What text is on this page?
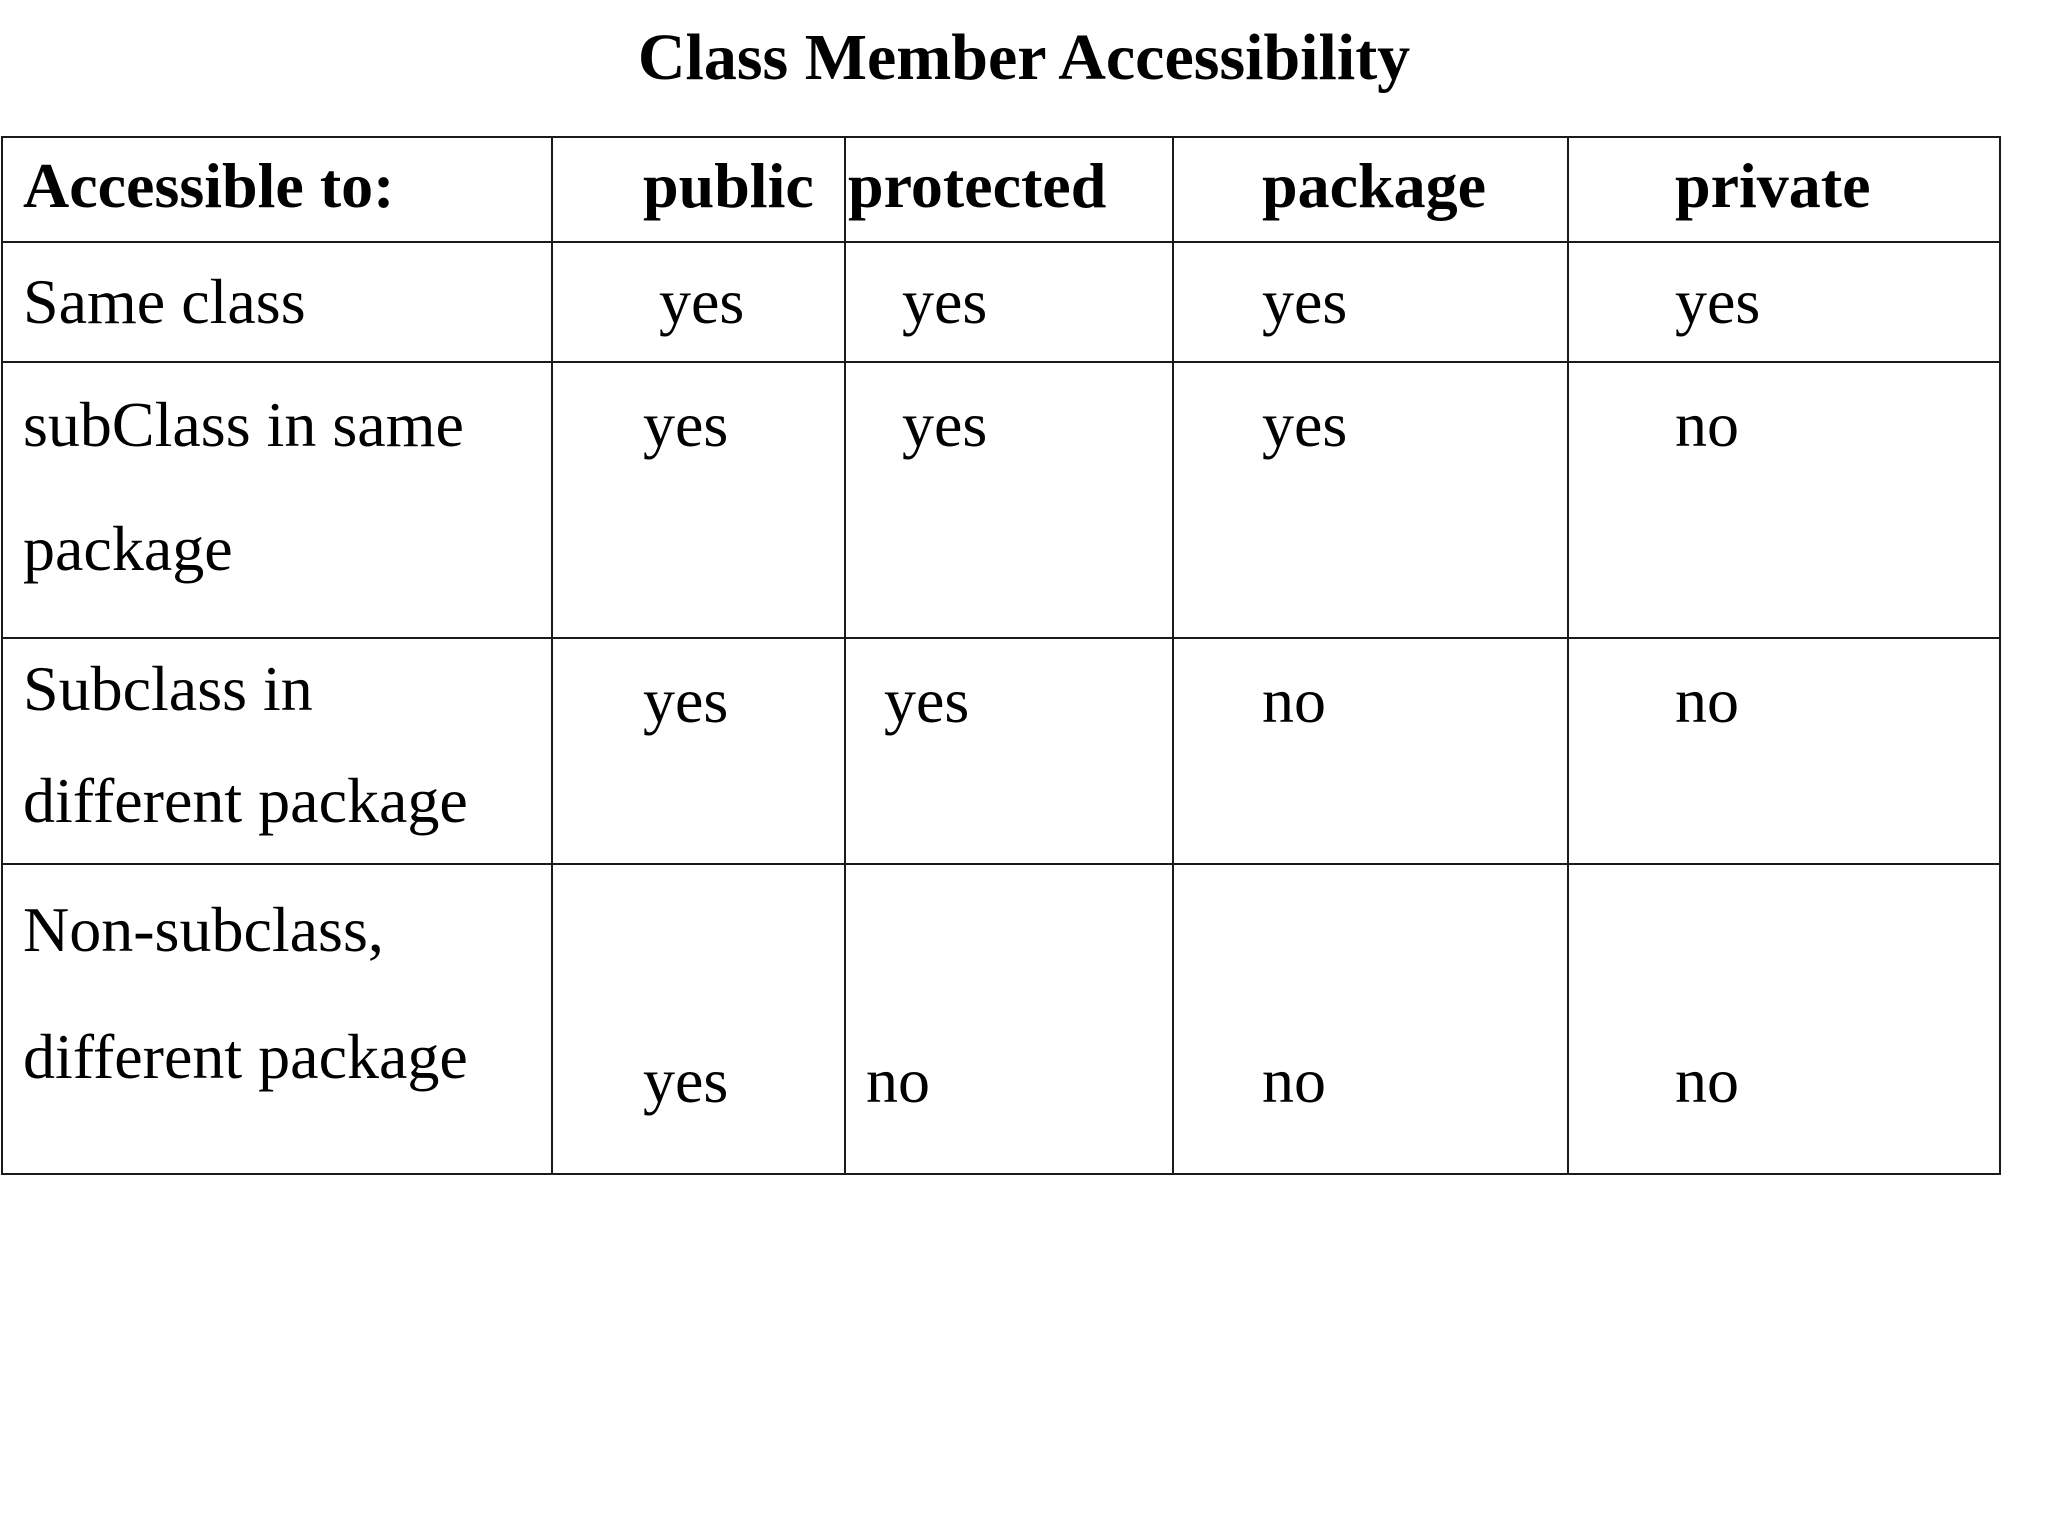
Class Member Accessibility
Accessible to:	public	protected	package	private

Same class	yes	yes	yes	yes

subClass in same
package	yes	yes	yes	no

Subclass in
different package	yes	yes	no	no

Non-subclass,
different package	yes	no	no	no
